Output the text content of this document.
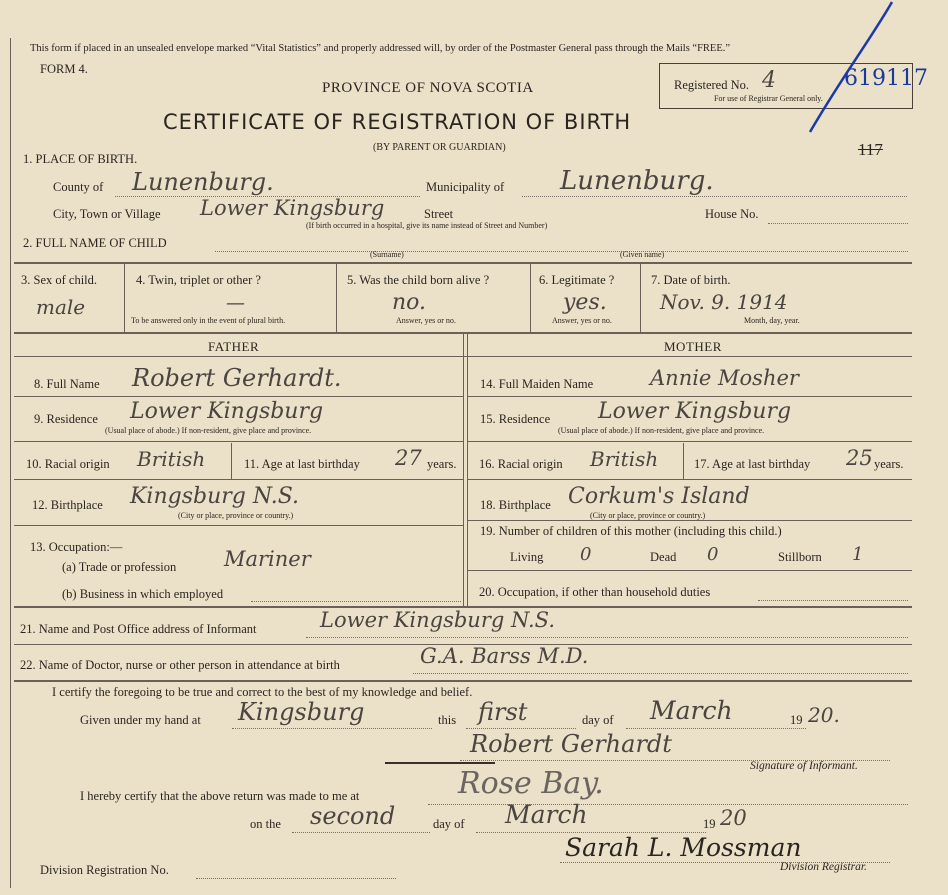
This form if placed in an unsealed envelope marked “Vital Statistics” and properly addressed will, by order of the Postmaster General pass through the Mails “FREE.”
FORM 4.
PROVINCE OF NOVA SCOTIA
CERTIFICATE OF REGISTRATION OF BIRTH
(BY PARENT OR GUARDIAN)
Registered No. 4
For use of Registrar General only.
619117
117
1. PLACE OF BIRTH.
County of Lunenburg.	Municipality of Lunenburg.
City, Town or Village Lower Kingsburg	Street	House No.
(If birth occurred in a hospital, give its name instead of Street and Number)
2. FULL NAME OF CHILD
(Surname)	(Given name)
3. Sex of child.
male
4. Twin, triplet or other ?
—
To be answered only in the event of plural birth.
5. Was the child born alive ?
no.
Answer, yes or no.
6. Legitimate ?
yes.
Answer, yes or no.
7. Date of birth.
Nov. 9. 1914
Month, day, year.
FATHER	MOTHER
8. Full Name Robert Gerhardt.
9. Residence Lower Kingsburg
(Usual place of abode.) If non-resident, give place and province.
10. Racial origin British	11. Age at last birthday 27 years.
12. Birthplace Kingsburg N.S.
(City or place, province or country.)
13. Occupation:—
(a) Trade or profession Mariner
(b) Business in which employed
14. Full Maiden Name	Annie Mosher
15. Residence Lower Kingsburg
(Usual place of abode.) If non-resident, give place and province.
16. Racial origin British	17. Age at last birthday 25 years.
18. Birthplace Corkum's Island
(City or place, province or country.)
19. Number of children of this mother (including this child.)
Living 0	Dead 0	Stillborn 1
20. Occupation, if other than household duties
21. Name and Post Office address of Informant	Lower Kingsburg N.S.
22. Name of Doctor, nurse or other person in attendance at birth	G.A. Barss M.D.
I certify the foregoing to be true and correct to the best of my knowledge and belief.
Given under my hand at Kingsburg	this first	day of March	19 20.
Robert Gerhardt
Signature of Informant.
I hereby certify that the above return was made to me at	Rose Bay.
on the second	day of March	19 20
Division Registration No.
Sarah L. Mossman
Division Registrar.
